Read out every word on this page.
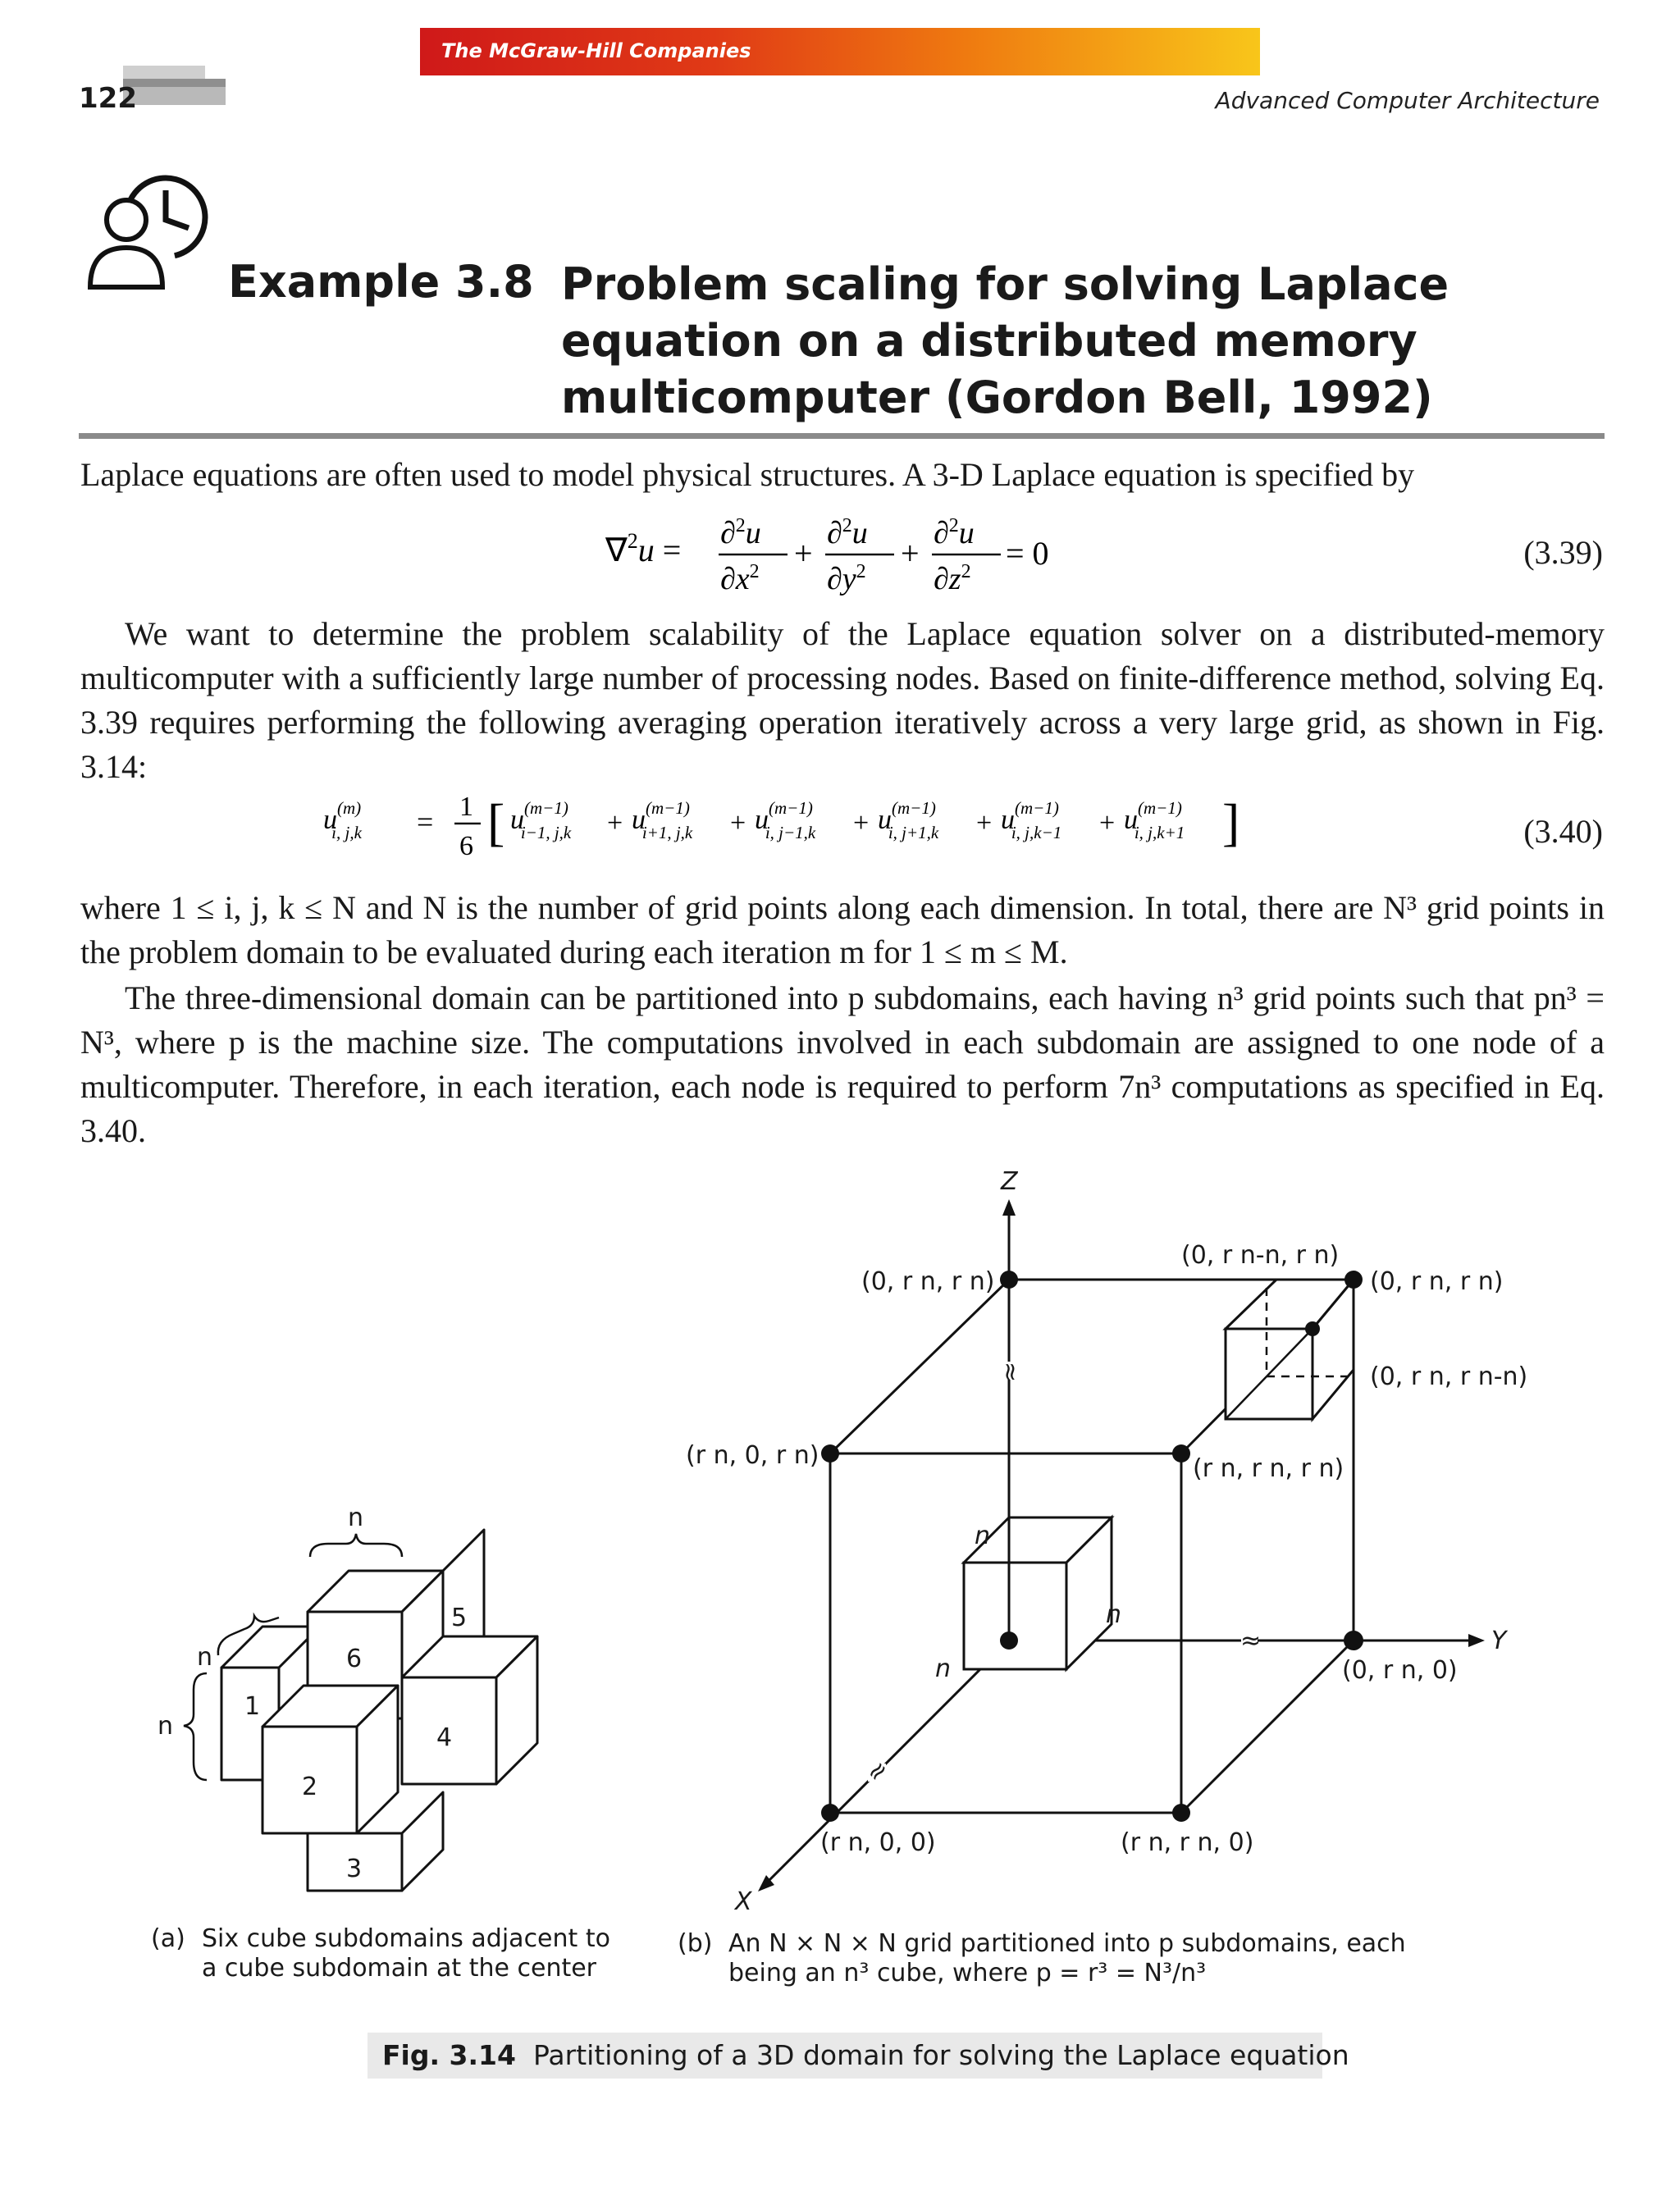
The McGraw-Hill Companies
122	Advanced Computer Architecture
Example 3.8 Problem scaling for solving Laplace equation on a distributed memory multicomputer (Gordon Bell, 1992)
Laplace equations are often used to model physical structures. A 3-D Laplace equation is specified by
∇$^2$u = ∂$^2$u
$\partial x^2$ +
∂$^2$u
$\partial y^2$ +
∂$^2$u
$\partial z^2 = 0$	(3.39)
We want to determine the problem scalability of the Laplace equation solver on a distributed-memory multicomputer with a sufficiently large number of processing nodes. Based on finite-difference method, solving Eq. 3.39 requires performing the following averaging operation iteratively across a very large grid, as shown in Fig. 3.14:
$u^{(m)}$ i, j,k = 1
6 [ $u^{(m-1)}$ i−1, $j,k + u^{(m-1)}$ i+1, $j,k + u^{(m-1)}$ i, $j-1,k + u^{(m-1)}$ i, $j+1,k + u^{(m-1)}$ i, $j,k-1 + u^{(m-1)}$ i, j,k+1 ]	(3.40)
where 1 ≤ i, j, k ≤ N and N is the number of grid points along each dimension. In total, there are N³ grid points in the problem domain to be evaluated during each iteration m for 1 ≤ m ≤ M.
The three-dimensional domain can be partitioned into p subdomains, each having n³ grid points such that pn³ = N³, where p is the machine size. The computations involved in each subdomain are assigned to one node of a multicomputer. Therefore, in each iteration, each node is required to perform 7n³ computations as specified in Eq. 3.40.
n
n
n
1
2
3
4
5
6
≈
≈
≈
Z
Y
X
(0, r n, r n)
(0, r n-n, r n)
(0, r n, r n)
(0, r n, r n-n)
(r n, 0, r n)	(r n, r n, r n)
(0, r n, 0)
(r n, 0, 0)	(r n, r n, 0)
n
n
n
(a) Six cube subdomains adjacent to a cube subdomain at the center
(b) An N × N × N grid partitioned into p subdomains, each being an n³ cube, where p = r³ = N³/n³
Fig. 3.14 Partitioning of a 3D domain for solving the Laplace equation
